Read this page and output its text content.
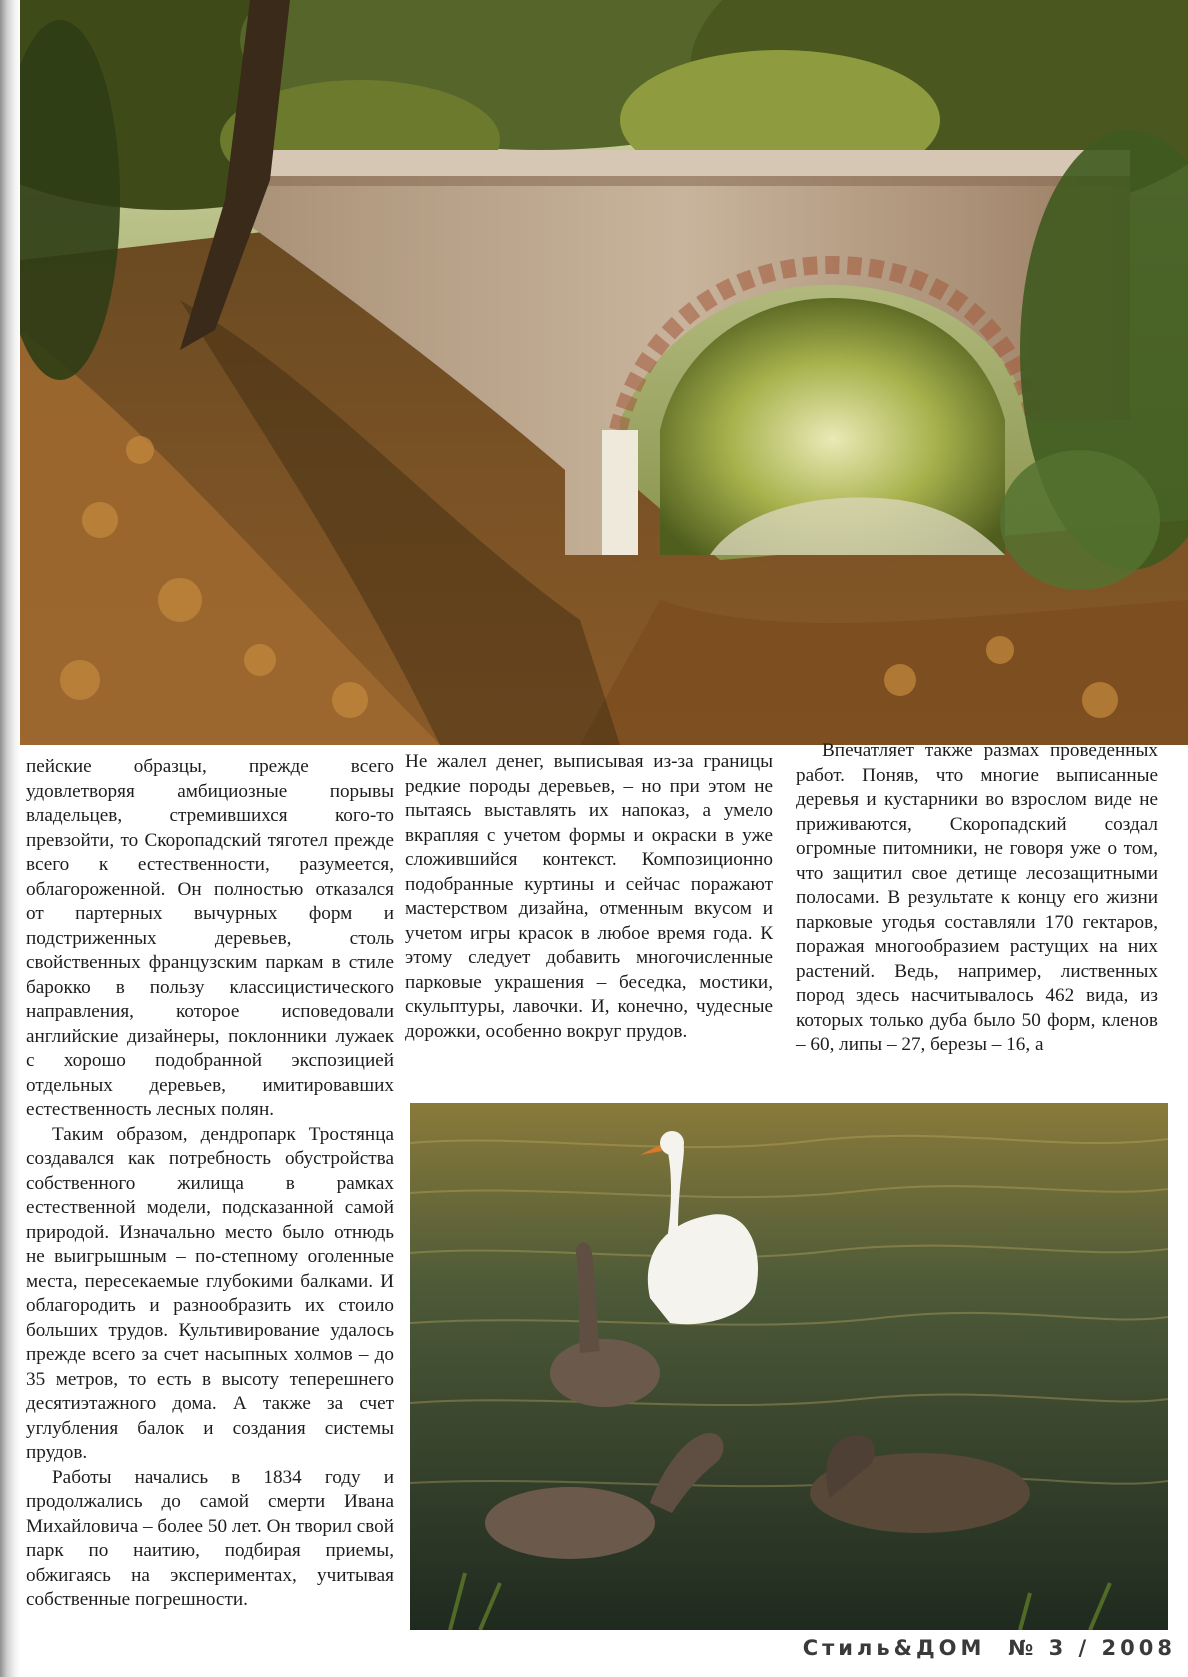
пейские образцы, прежде всего удовлетворяя амбициозные порывы владельцев, стремившихся кого-то превзойти, то Скоропадский тяготел прежде всего к естественности, разумеется, облагороженной. Он полностью отказался от партерных вычурных форм и подстриженных деревьев, столь свойственных французским паркам в стиле барокко в пользу классицистического направления, которое исповедовали английские дизайнеры, поклонники лужаек с хорошо подобранной экспозицией отдельных деревьев, имитировавших естественность лесных полян.

Таким образом, дендропарк Тростянца создавался как потребность обустройства собственного жилища в рамках естественной модели, подсказанной самой природой. Изначально место было отнюдь не выигрышным – по-степному оголенные места, пересекаемые глубокими балками. И облагородить и разнообразить их стоило больших трудов. Культивирование удалось прежде всего за счет насыпных холмов – до 35 метров, то есть в высоту теперешнего десятиэтажного дома. А также за счет углубления балок и создания системы прудов.

Работы начались в 1834 году и продолжались до самой смерти Ивана Михайловича – более 50 лет. Он творил свой парк по наитию, подбирая приемы, обжигаясь на экспериментах, учитывая собственные погрешности.

Не жалел денег, выписывая из-за границы редкие породы деревьев, – но при этом не пытаясь выставлять их напоказ, а умело вкрапляя с учетом формы и окраски в уже сложившийся контекст. Композиционно подобранные куртины и сейчас поражают мастерством дизайна, отменным вкусом и учетом игры красок в любое время года. К этому следует добавить многочисленные парковые украшения – беседка, мостики, скульптуры, лавочки. И, конечно, чудесные дорожки, особенно вокруг прудов.

Впечатляет также размах проведенных работ. Поняв, что многие выписанные деревья и кустарники во взрослом виде не приживаются, Скоропадский создал огромные питомники, не говоря уже о том, что защитил свое детище лесозащитными полосами. В результате к концу его жизни парковые угодья составляли 170 гектаров, поражая многообразием растущих на них растений. Ведь, например, лиственных пород здесь насчитывалось 462 вида, из которых только дуба было 50 форм, кленов – 60, липы – 27, березы – 16, а

Стиль&ДОМ № 3 / 2008
